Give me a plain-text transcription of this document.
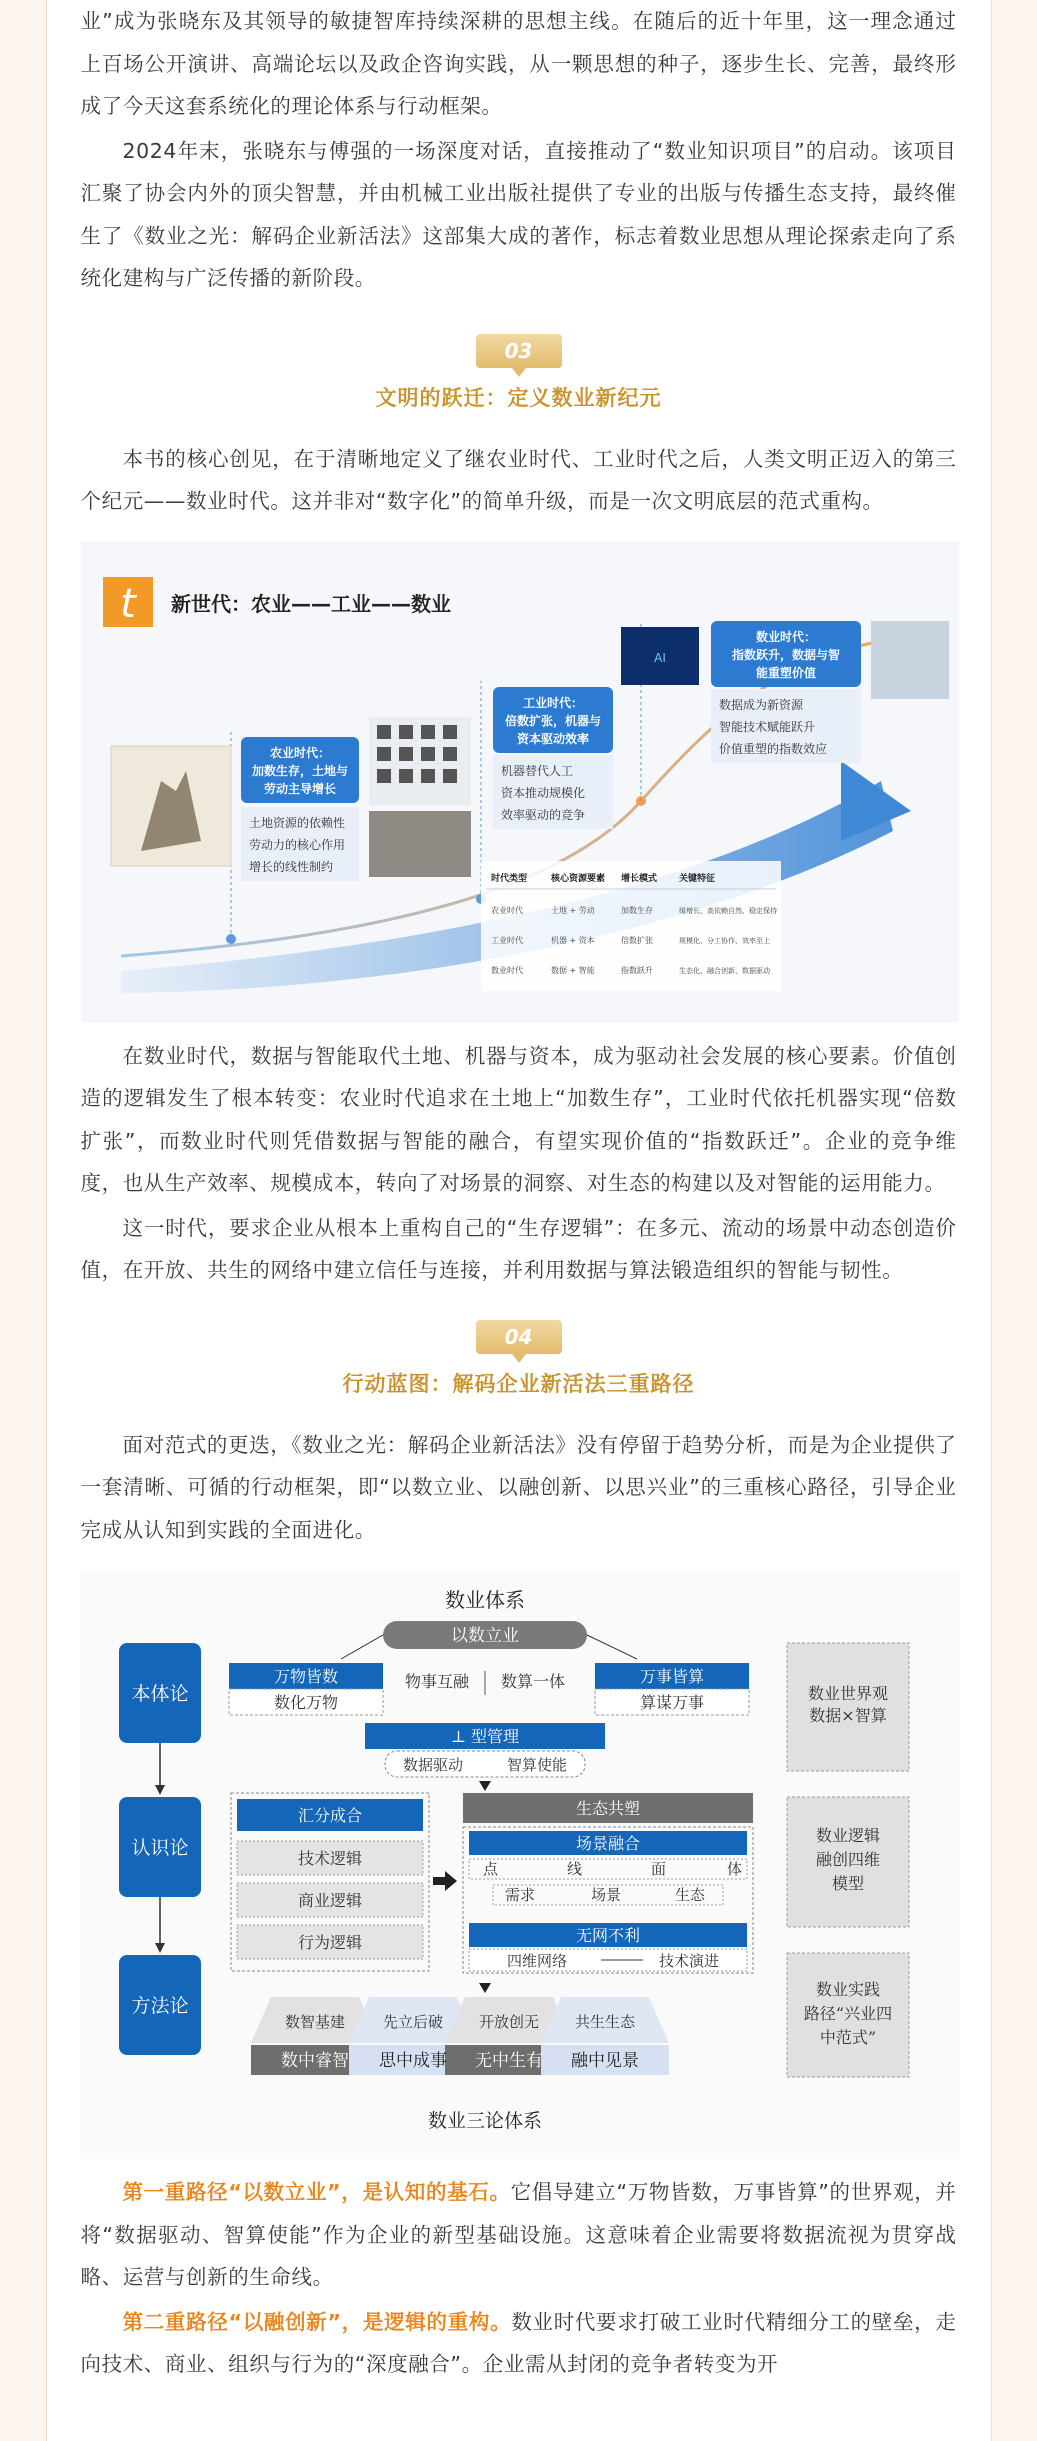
业”成为张晓东及其领导的敏捷智库持续深耕的思想主线。在随后的近十年里，这一理念通过上百场公开演讲、高端论坛以及政企咨询实践，从一颗思想的种子，逐步生长、完善，最终形成了今天这套系统化的理论体系与行动框架。

2024年末，张晓东与傅强的一场深度对话，直接推动了“数业知识项目”的启动。该项目汇聚了协会内外的顶尖智慧，并由机械工业出版社提供了专业的出版与传播生态支持，最终催生了《数业之光：解码企业新活法》这部集大成的著作，标志着数业思想从理论探索走向了系统化建构与广泛传播的新阶段。

03
文明的跃迁：定义数业新纪元

本书的核心创见，在于清晰地定义了继农业时代、工业时代之后，人类文明正迈入的第三个纪元——数业时代。这并非对“数字化”的简单升级，而是一次文明底层的范式重构。

t 新世代：农业——工业——数业
农业时代：
加数生存，土地与
劳动主导增长
土地资源的依赖性
劳动力的核心作用
增长的线性制约
工业时代：
倍数扩张，机器与
资本驱动效率
机器替代人工
资本推动规模化
效率驱动的竞争
AI
数业时代：
指数跃升，数据与智
能重塑价值
数据成为新资源
智能技术赋能跃升
价值重塑的指数效应
时代类型	核心资源要素 增长模式 关键特征
农业时代	土地 + 劳动	加数生存	缓增长、高依赖自然、稳定保持
工业时代	机器 + 资本	倍数扩张	规模化、分工协作、效率至上
数业时代	数据 + 智能	指数跃升	生态化、融合创新、数据驱动

在数业时代，数据与智能取代土地、机器与资本，成为驱动社会发展的核心要素。价值创造的逻辑发生了根本转变：农业时代追求在土地上“加数生存”，工业时代依托机器实现“倍数扩张”，而数业时代则凭借数据与智能的融合，有望实现价值的“指数跃迁”。企业的竞争维度，也从生产效率、规模成本，转向了对场景的洞察、对生态的构建以及对智能的运用能力。

这一时代，要求企业从根本上重构自己的“生存逻辑”：在多元、流动的场景中动态创造价值，在开放、共生的网络中建立信任与连接，并利用数据与算法锻造组织的智能与韧性。

04
行动蓝图：解码企业新活法三重路径

面对范式的更迭，《数业之光：解码企业新活法》没有停留于趋势分析，而是为企业提供了一套清晰、可循的行动框架，即“以数立业、以融创新、以思兴业”的三重核心路径，引导企业完成从认知到实践的全面进化。

数业体系
本体论
认识论
方法论
以数立业
万物皆数
数化万物
万事皆算
算谋万事
物事互融 数算一体
⊥ 型管理
数据驱动	智算使能
汇分成合
技术逻辑
商业逻辑
行为逻辑
生态共塑
场景融合
点	线	面	体
需求	场景	生态
无网不利
四维网络	技术演进
数智基建	先立后破 开放创无 共生生态
数中睿智 思中成事 无中生有 融中见景
数业世界观
数据×智算
数业逻辑
融创四维
模型
数业实践
路径“兴业四
中范式”
数业三论体系

第一重路径“以数立业”，是认知的基石。它倡导建立“万物皆数，万事皆算”的世界观，并将“数据驱动、智算使能”作为企业的新型基础设施。这意味着企业需要将数据流视为贯穿战略、运营与创新的生命线。

第二重路径“以融创新”，是逻辑的重构。数业时代要求打破工业时代精细分工的壁垒，走向技术、商业、组织与行为的“深度融合”。企业需从封闭的竞争者转变为开
